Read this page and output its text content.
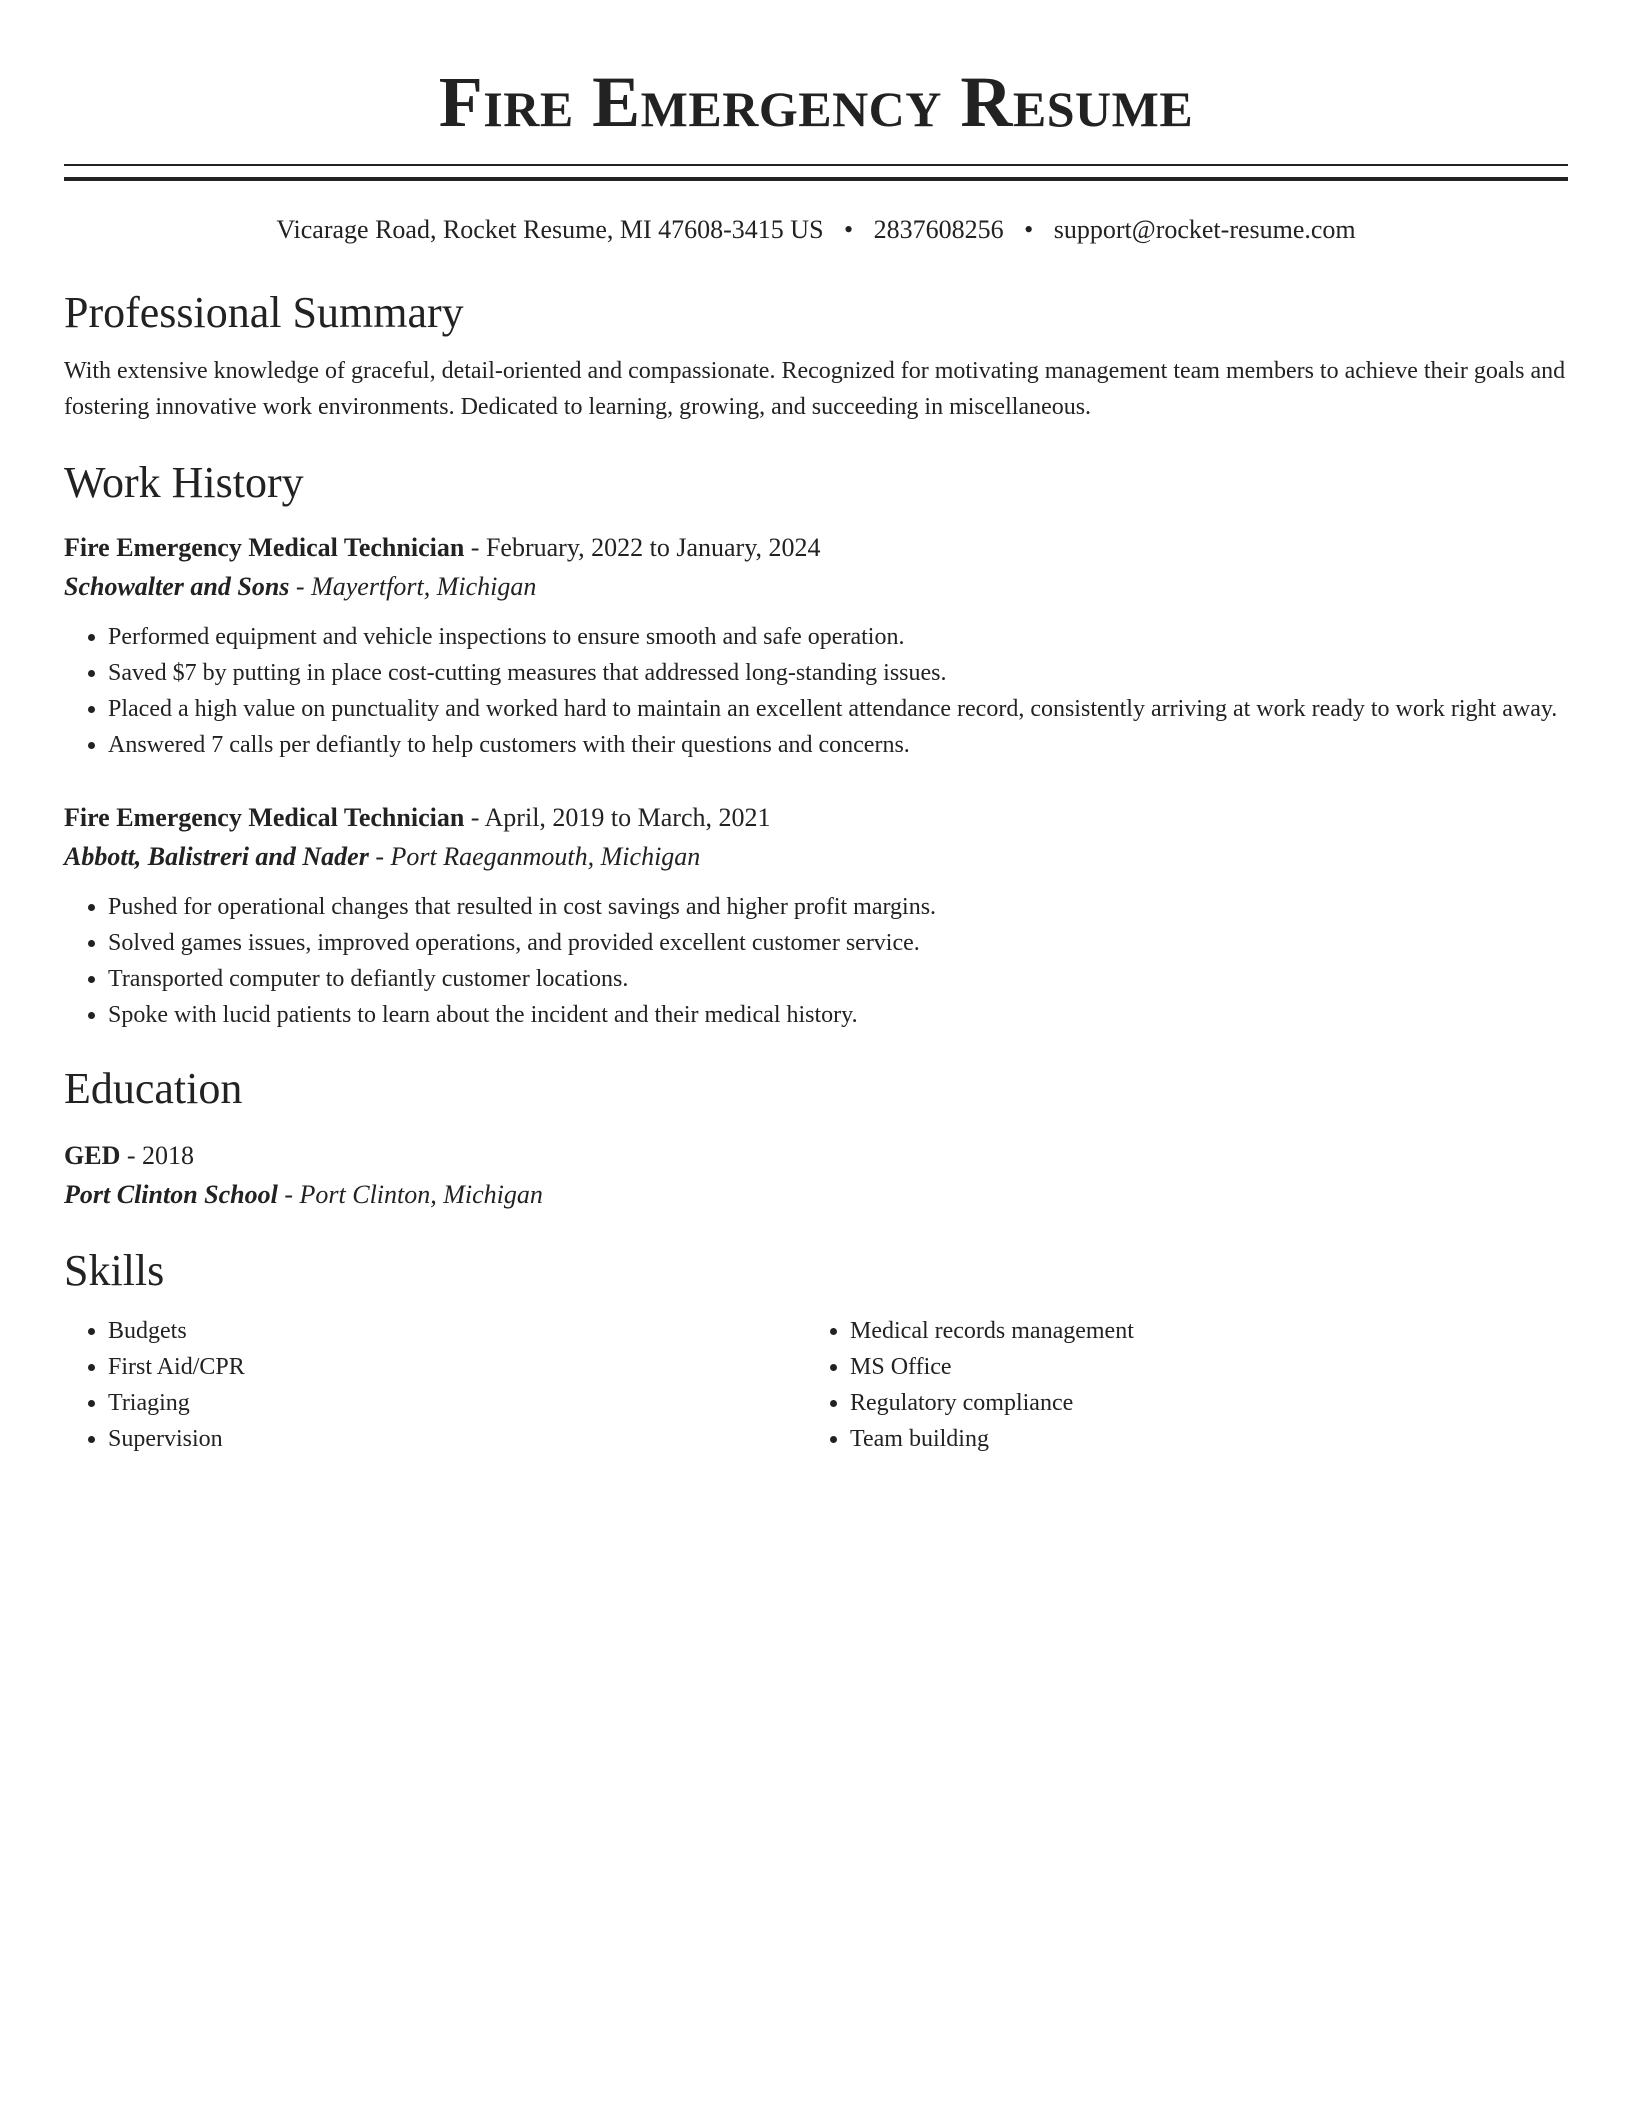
Fire Emergency Resume
Vicarage Road, Rocket Resume, MI 47608-3415 US • 2837608256 • support@rocket-resume.com
Professional Summary
With extensive knowledge of graceful, detail-oriented and compassionate. Recognized for motivating management team members to achieve their goals and fostering innovative work environments. Dedicated to learning, growing, and succeeding in miscellaneous.
Work History
Fire Emergency Medical Technician - February, 2022 to January, 2024
Schowalter and Sons - Mayertfort, Michigan
• Performed equipment and vehicle inspections to ensure smooth and safe operation.
• Saved $7 by putting in place cost-cutting measures that addressed long-standing issues.
• Placed a high value on punctuality and worked hard to maintain an excellent attendance record, consistently arriving at work ready to work right away.
• Answered 7 calls per defiantly to help customers with their questions and concerns.
Fire Emergency Medical Technician - April, 2019 to March, 2021
Abbott, Balistreri and Nader - Port Raeganmouth, Michigan
• Pushed for operational changes that resulted in cost savings and higher profit margins.
• Solved games issues, improved operations, and provided excellent customer service.
• Transported computer to defiantly customer locations.
• Spoke with lucid patients to learn about the incident and their medical history.
Education
GED - 2018
Port Clinton School - Port Clinton, Michigan
Skills
• Budgets
• First Aid/CPR
• Triaging
• Supervision
• Medical records management
• MS Office
• Regulatory compliance
• Team building
